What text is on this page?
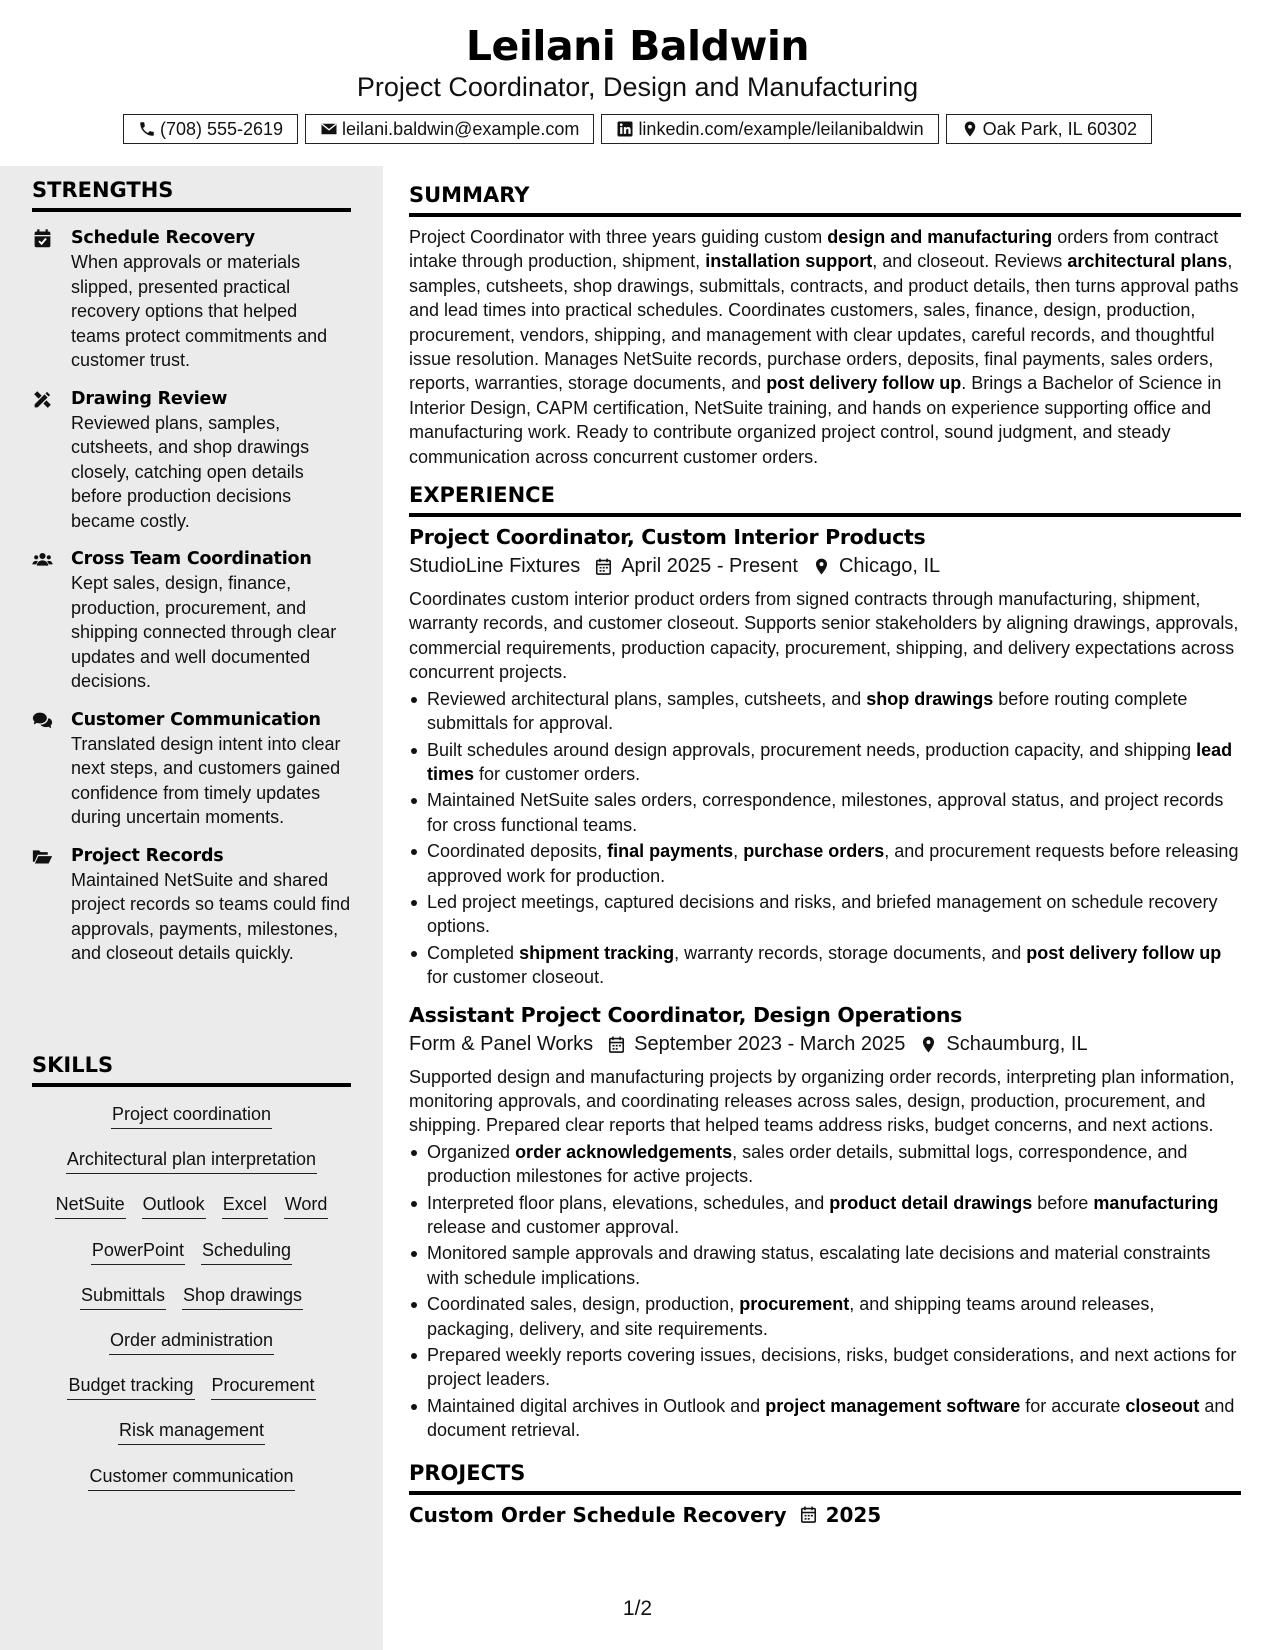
Leilani Baldwin
Project Coordinator, Design and Manufacturing
(708) 555-2619	leilani.baldwin@example.com	linkedin.com/example/leilanibaldwin	Oak Park, IL 60302
STRENGTHS
Schedule Recovery
When approvals or materials slipped, presented practical recovery options that helped teams protect commitments and customer trust.
Drawing Review
Reviewed plans, samples, cutsheets, and shop drawings closely, catching open details before production decisions became costly.
Cross Team Coordination
Kept sales, design, finance, production, procurement, and shipping connected through clear updates and well documented decisions.
Customer Communication
Translated design intent into clear next steps, and customers gained confidence from timely updates during uncertain moments.
Project Records
Maintained NetSuite and shared project records so teams could find approvals, payments, milestones, and closeout details quickly.
SKILLS
Project coordination
Architectural plan interpretation
NetSuite Outlook Excel Word
PowerPoint Scheduling
Submittals Shop drawings
Order administration
Budget tracking Procurement
Risk management
Customer communication
SUMMARY
Project Coordinator with three years guiding custom design and manufacturing orders from contract intake through production, shipment, installation support, and closeout. Reviews architectural plans, samples, cutsheets, shop drawings, submittals, contracts, and product details, then turns approval paths and lead times into practical schedules. Coordinates customers, sales, finance, design, production, procurement, vendors, shipping, and management with clear updates, careful records, and thoughtful issue resolution. Manages NetSuite records, purchase orders, deposits, final payments, sales orders, reports, warranties, storage documents, and post delivery follow up. Brings a Bachelor of Science in Interior Design, CAPM certification, NetSuite training, and hands on experience supporting office and manufacturing work. Ready to contribute organized project control, sound judgment, and steady communication across concurrent customer orders.
EXPERIENCE
Project Coordinator, Custom Interior Products
StudioLine Fixtures April 2025 - Present Chicago, IL
Coordinates custom interior product orders from signed contracts through manufacturing, shipment, warranty records, and customer closeout. Supports senior stakeholders by aligning drawings, approvals, commercial requirements, production capacity, procurement, shipping, and delivery expectations across concurrent projects.
Reviewed architectural plans, samples, cutsheets, and shop drawings before routing complete submittals for approval.
Built schedules around design approvals, procurement needs, production capacity, and shipping lead times for customer orders.
Maintained NetSuite sales orders, correspondence, milestones, approval status, and project records for cross functional teams.
Coordinated deposits, final payments, purchase orders, and procurement requests before releasing approved work for production.
Led project meetings, captured decisions and risks, and briefed management on schedule recovery options.
Completed shipment tracking, warranty records, storage documents, and post delivery follow up for customer closeout.
Assistant Project Coordinator, Design Operations
Form & Panel Works September 2023 - March 2025 Schaumburg, IL
Supported design and manufacturing projects by organizing order records, interpreting plan information, monitoring approvals, and coordinating releases across sales, design, production, procurement, and shipping. Prepared clear reports that helped teams address risks, budget concerns, and next actions.
Organized order acknowledgements, sales order details, submittal logs, correspondence, and production milestones for active projects.
Interpreted floor plans, elevations, schedules, and product detail drawings before manufacturing release and customer approval.
Monitored sample approvals and drawing status, escalating late decisions and material constraints with schedule implications.
Coordinated sales, design, production, procurement, and shipping teams around releases, packaging, delivery, and site requirements.
Prepared weekly reports covering issues, decisions, risks, budget considerations, and next actions for project leaders.
Maintained digital archives in Outlook and project management software for accurate closeout and document retrieval.
PROJECTS
Custom Order Schedule Recovery 2025
1/2
